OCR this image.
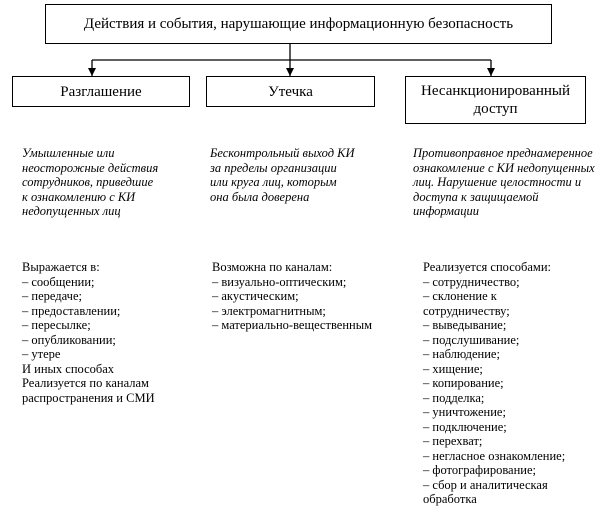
Действия и события, нарушающие информационную безопасность
Разглашение	Утечка	Несанкционированный
доступ
Умышленные или
неосторожные действия
сотрудников, приведшие
к ознакомлению с КИ
недопущенных лиц
Выражается в:
– сообщении;
– передаче;
– предоставлении;
– пересылке;
– опубликовании;
– утере
И иных способах
Реализуется по каналам
распространения и СМИ
Бесконтрольный выход КИ
за пределы организации
или круга лиц, которым
она была доверена
Возможна по каналам:
– визуально-оптическим;
– акустическим;
– электромагнитным;
– материально-вещественным
Противоправное преднамеренное
ознакомление с КИ недопущенных
лиц. Нарушение целостности и
доступа к защищаемой
информации
Реализуется способами:
– сотрудничество;
– склонение к
сотрудничеству;
– выведывание;
– подслушивание;
– наблюдение;
– хищение;
– копирование;
– подделка;
– уничтожение;
– подключение;
– перехват;
– негласное ознакомление;
– фотографирование;
– сбор и аналитическая
обработка
